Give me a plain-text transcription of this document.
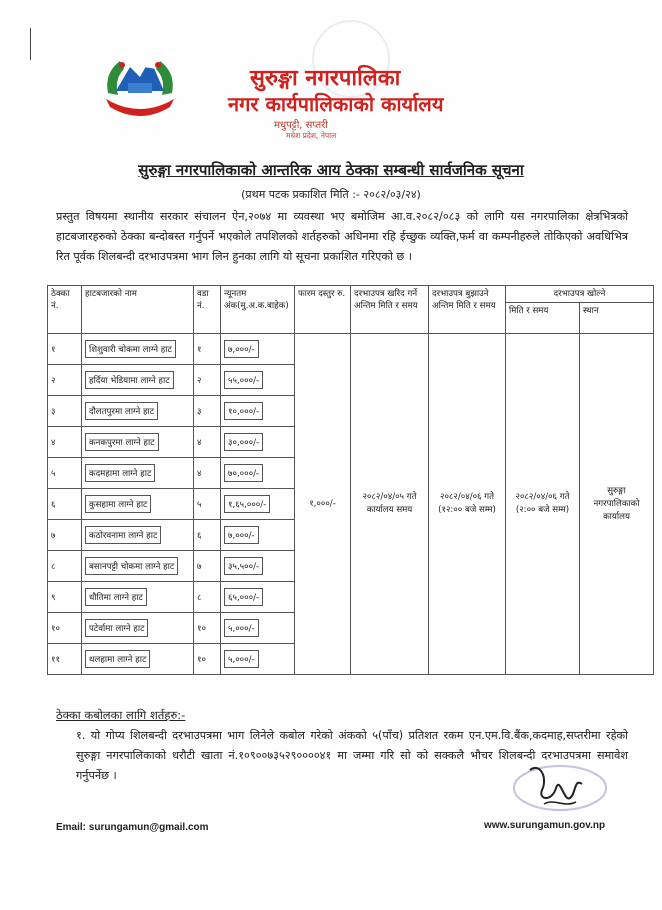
सुरुङ्गा नगरपालिका
नगर कार्यपालिकाको कार्यालय
मधुपट्टी, सप्तरी
मधेश प्रदेश, नेपाल
सुरुङ्गा नगरपालिकाको आन्तरिक आय ठेक्का सम्बन्धी सार्वजनिक सूचना
(प्रथम पटक प्रकाशित मिति :- २०८२/०३/२४)
प्रस्तुत विषयमा स्थानीय सरकार संचालन ऐन,२०७४ मा व्यवस्था भए बमोजिम आ.व.२०८२/०८३ को लागि यस नगरपालिका क्षेत्रभित्रको हाटबजारहरुको ठेक्का बन्दोबस्त गर्नुपर्ने भएकोले तपशिलको शर्तहरुको अधिनमा रहि ईच्छुक व्यक्ति,फर्म वा कम्पनीहरुले तोकिएको अवधिभित्र रित पूर्वक शिलबन्दी दरभाउपत्रमा भाग लिन हुनका लागि यो सूचना प्रकाशित गरिएको छ ।
ठेक्का नं.	हाटबजारको नाम	वडा नं.	न्यूनतम अंक(मु.अ.क.बाहेक)	फारम दस्तुर रु.	दरभाउपत्र खरिद गर्ने अन्तिम मिति र समय	दरभाउपत्र बुझाउने अन्तिम मिति र समय	दरभाउपत्र खोल्ने	
							मिति र समय	स्थान
१	शिशुवारी चोकमा लाग्ने हाट	१	७,०००/-	१,०००/-	२०८२/०४/०५ गते कार्यालय समय	२०८२/०४/०६ गते (१२:०० बजे सम्म)	२०८२/०४/०६ गते (२:०० बजे सम्म)	सुरुङ्गा नगरपालिकाको कार्यालय
२	हर्दिया भेडियामा लाग्ने हाट	२	५५,०००/-					
३	दौलतपुरमा लाग्ने हाट	३	१०,०००/-					
४	कनकपुरमा लाग्ने हाट	४	३०,०००/-					
५	कदमहामा लाग्ने हाट	४	७०,०००/-					
६	कुसहामा लाग्ने हाट	५	१,६५,०००/-					
७	कठोरवनामा लाग्ने हाट	६	७,०००/-					
८	बसानपट्टी चोकमा लाग्ने हाट	७	३५,५००/-					
९	धौतिमा लाग्ने हाट	८	६५,०००/-					
१०	पटेर्वामा लाग्ने हाट	१०	५,०००/-					
११	थलहामा लाग्ने हाट	१०	५,०००/-					
ठेक्का कबोलका लागि शर्तहरु:-
१. यो गोप्य शिलबन्दी दरभाउपत्रमा भाग लिनेले कबोल गरेको अंकको ५(पाँच) प्रतिशत रकम एन.एम.वि.बैंक,कदमाह,सप्तरीमा रहेको सुरुङ्गा नगरपालिकाको धरौटी खाता नं.१०९००७३५२९००००४१ मा जम्मा गरि सो को सक्कलै भौचर शिलबन्दी दरभाउपत्रमा समावेश गर्नुपर्नेछ ।
Email: surungamun@gmail.com	www.surungamun.gov.np
